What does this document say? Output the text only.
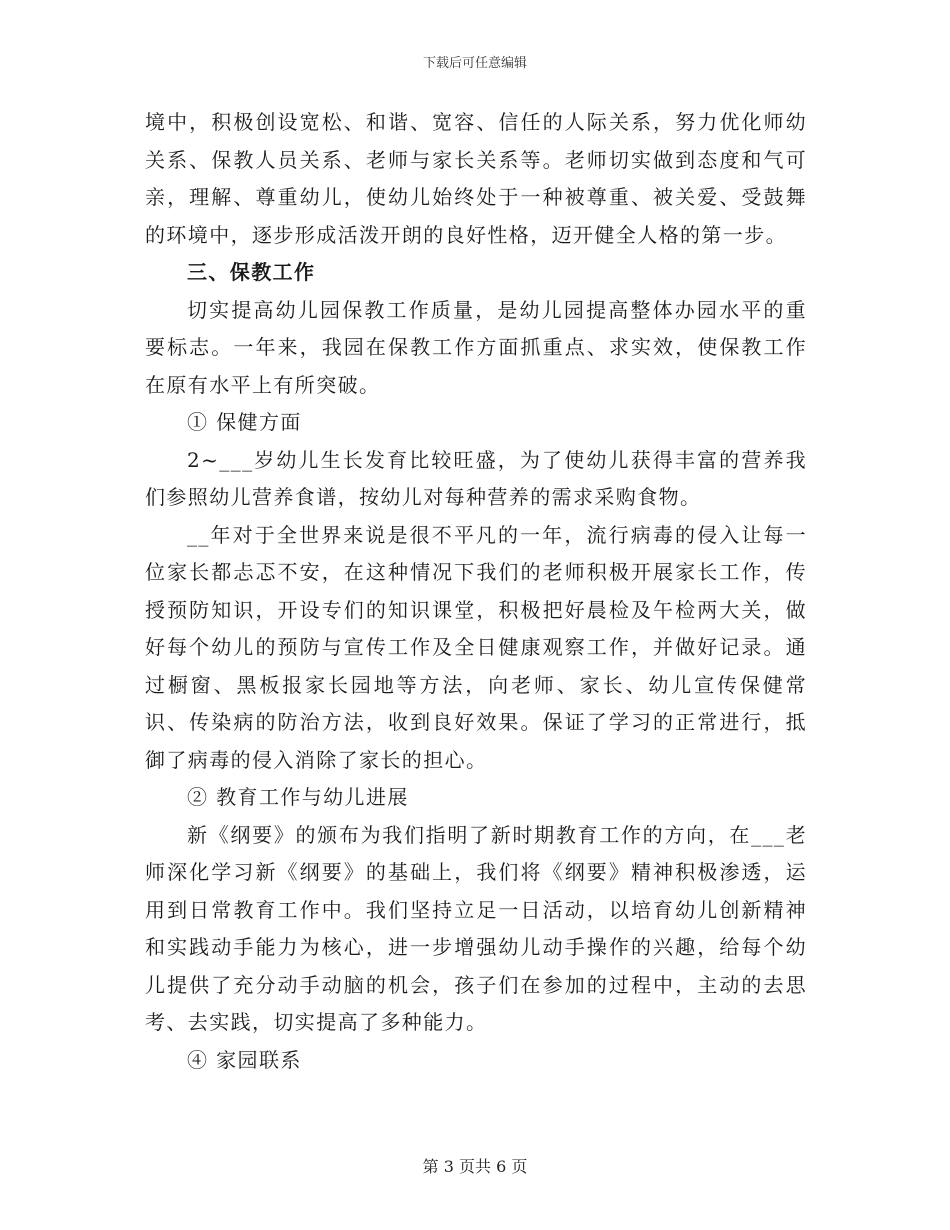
下载后可任意编辑

境中，积极创设宽松、和谐、宽容、信任的人际关系，努力优化师幼关系、保教人员关系、老师与家长关系等。老师切实做到态度和气可亲，理解、尊重幼儿，使幼儿始终处于一种被尊重、被关爱、受鼓舞的环境中，逐步形成活泼开朗的良好性格，迈开健全人格的第一步。

三、保教工作

切实提高幼儿园保教工作质量，是幼儿园提高整体办园水平的重要标志。一年来，我园在保教工作方面抓重点、求实效，使保教工作在原有水平上有所突破。

① 保健方面

2~___岁幼儿生长发育比较旺盛，为了使幼儿获得丰富的营养我们参照幼儿营养食谱，按幼儿对每种营养的需求采购食物。

__年对于全世界来说是很不平凡的一年，流行病毒的侵入让每一位家长都忐忑不安，在这种情况下我们的老师积极开展家长工作，传授预防知识，开设专们的知识课堂，积极把好晨检及午检两大关，做好每个幼儿的预防与宣传工作及全日健康观察工作，并做好记录。通过橱窗、黑板报家长园地等方法，向老师、家长、幼儿宣传保健常识、传染病的防治方法，收到良好效果。保证了学习的正常进行，抵御了病毒的侵入消除了家长的担心。

② 教育工作与幼儿进展

新《纲要》的颁布为我们指明了新时期教育工作的方向，在___老师深化学习新《纲要》的基础上，我们将《纲要》精神积极渗透，运用到日常教育工作中。我们坚持立足一日活动，以培育幼儿创新精神和实践动手能力为核心，进一步增强幼儿动手操作的兴趣，给每个幼儿提供了充分动手动脑的机会，孩子们在参加的过程中，主动的去思考、去实践，切实提高了多种能力。

④ 家园联系

第 3 页共 6 页
